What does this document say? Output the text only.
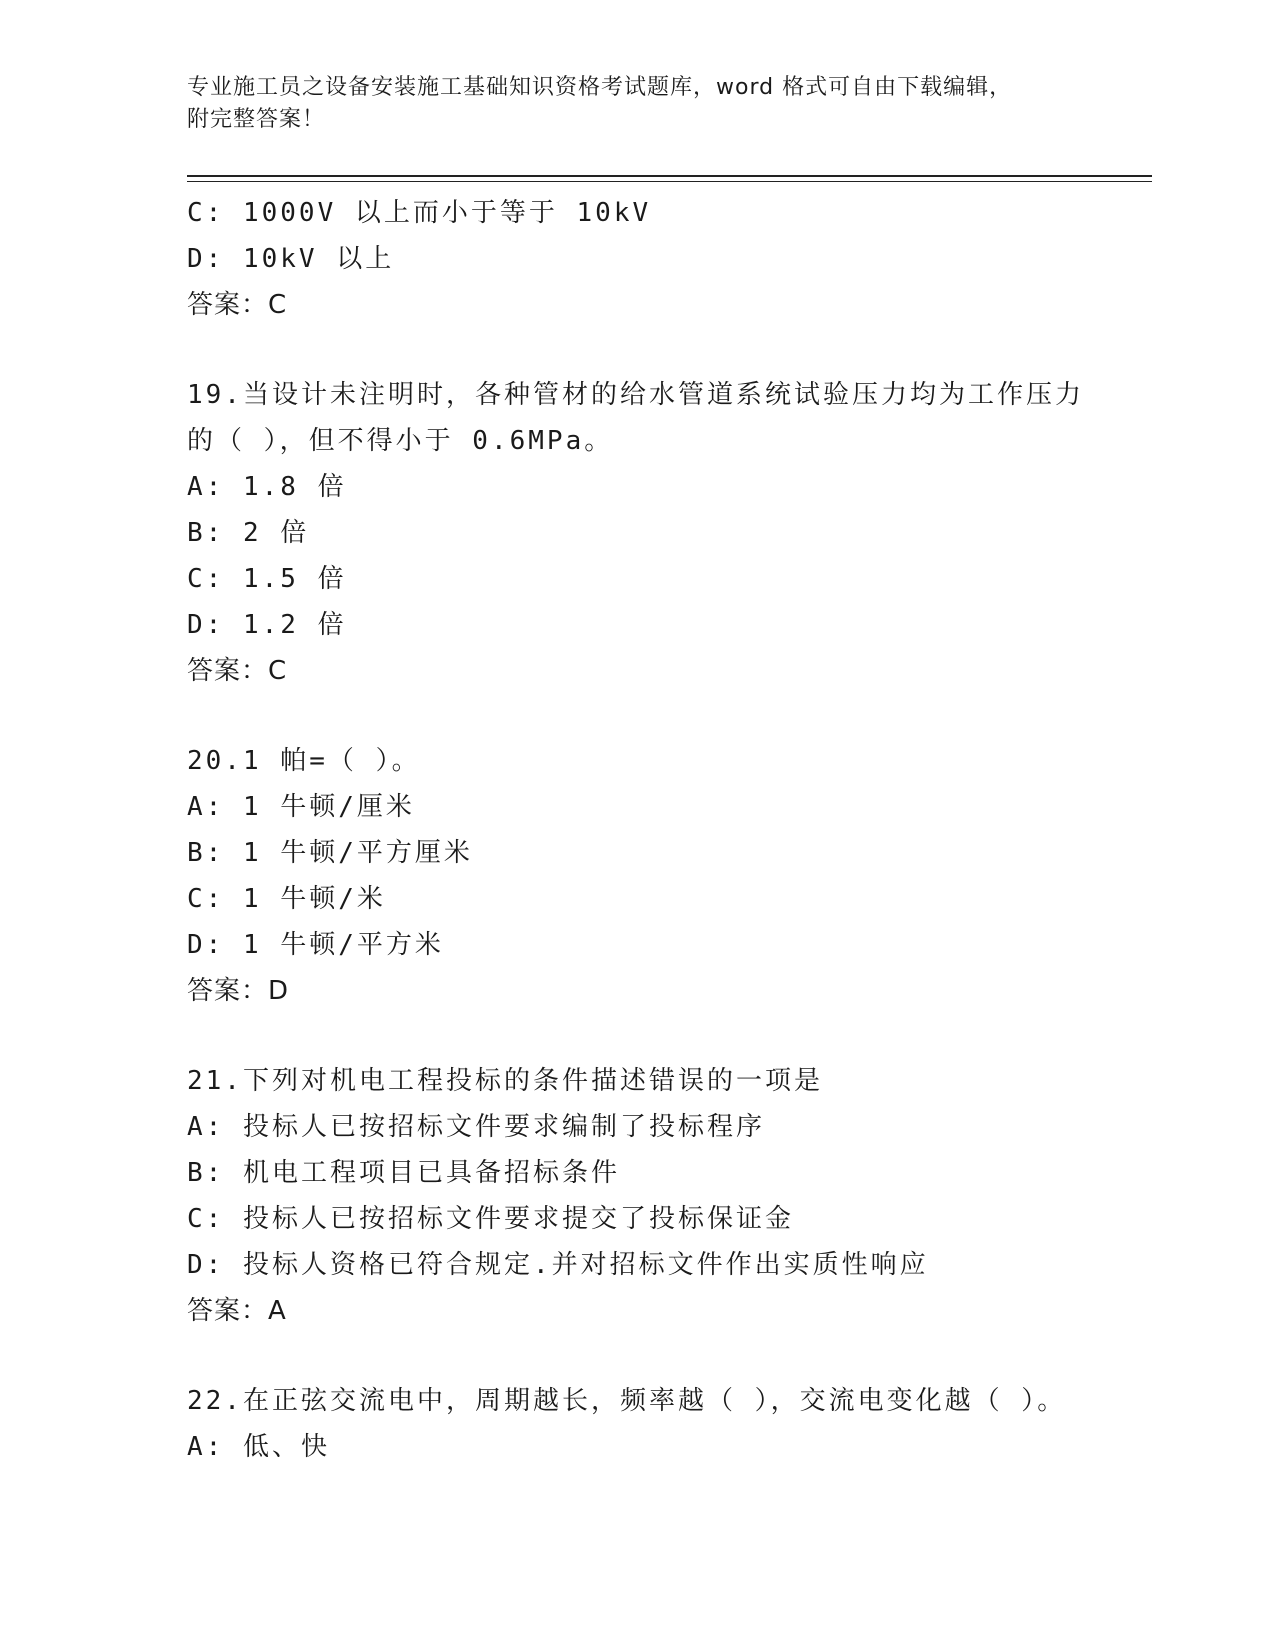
专业施工员之设备安装施工基础知识资格考试题库，word 格式可自由下载编辑，
附完整答案！
C: 1000V 以上而小于等于 10kV
D: 10kV 以上
答案：C
19.当设计未注明时，各种管材的给水管道系统试验压力均为工作压力
的（ ），但不得小于 0.6MPa。
A: 1.8 倍
B: 2 倍
C: 1.5 倍
D: 1.2 倍
答案：C
20.1 帕=（ ）。
A: 1 牛顿/厘米
B: 1 牛顿/平方厘米
C: 1 牛顿/米
D: 1 牛顿/平方米
答案：D
21.下列对机电工程投标的条件描述错误的一项是
A: 投标人已按招标文件要求编制了投标程序
B: 机电工程项目已具备招标条件
C: 投标人已按招标文件要求提交了投标保证金
D: 投标人资格已符合规定.并对招标文件作出实质性响应
答案：A
22.在正弦交流电中，周期越长，频率越（ ），交流电变化越（ ）。
A: 低、快
